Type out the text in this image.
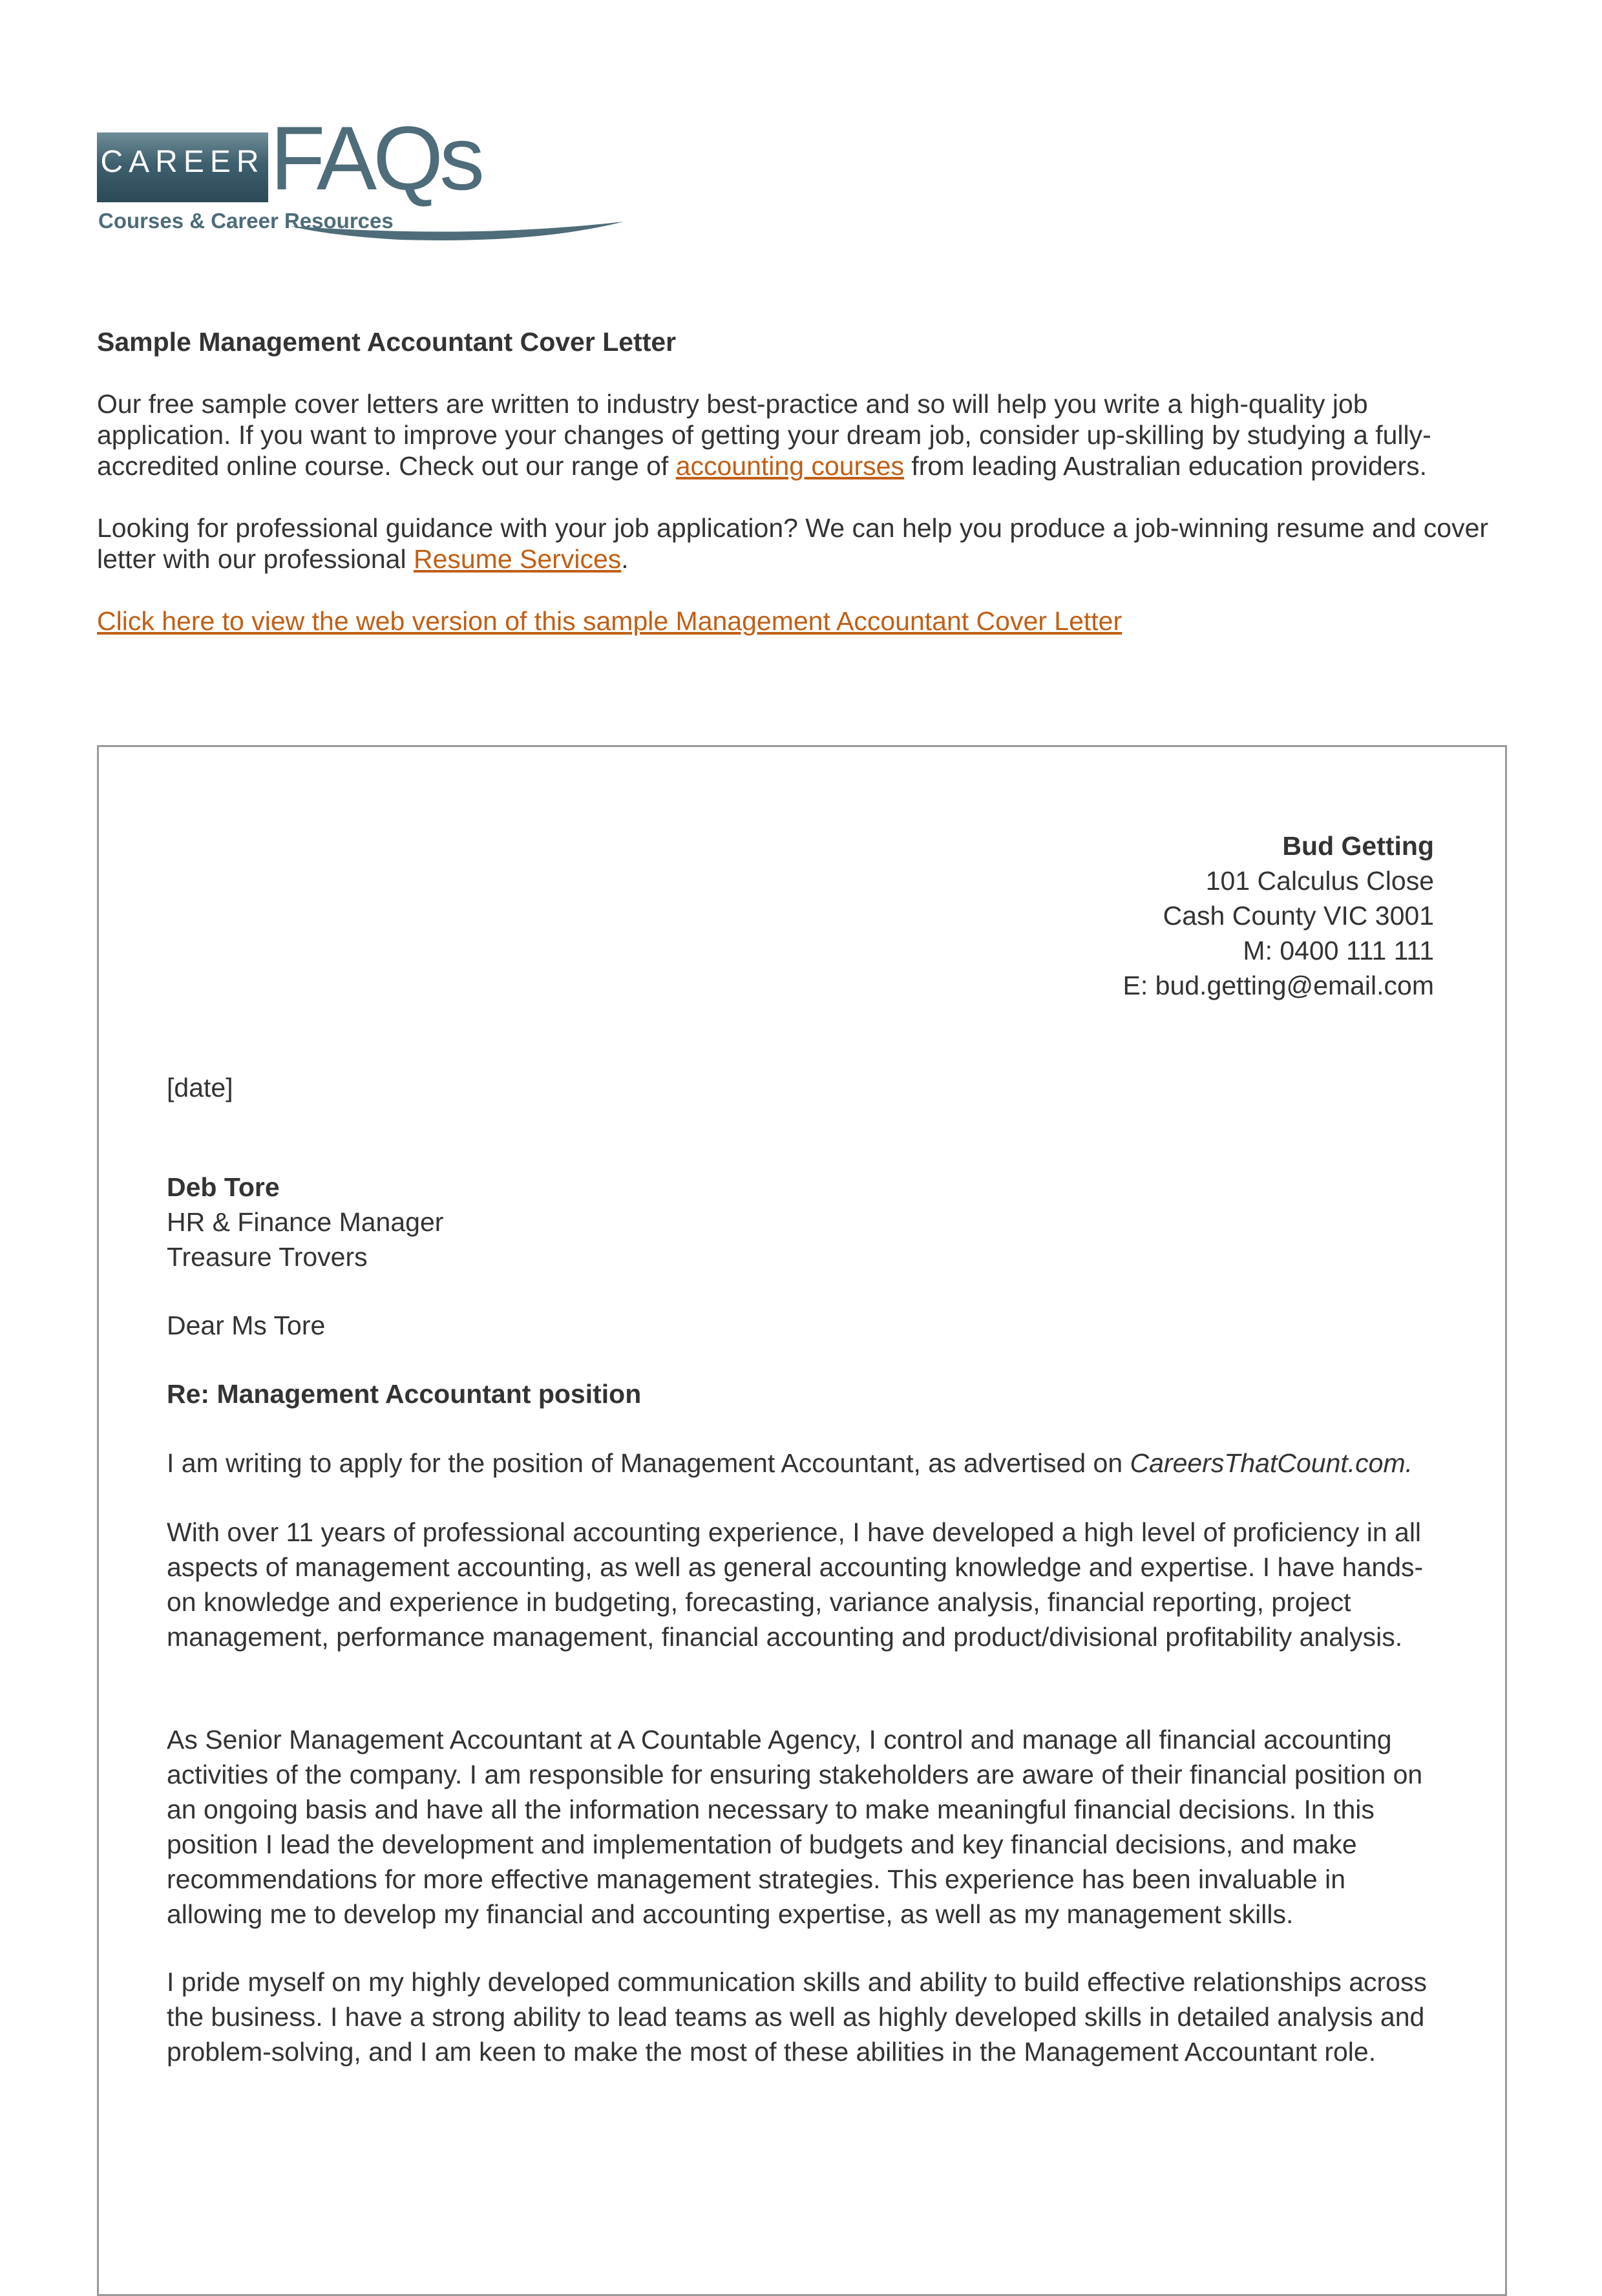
CAREER FAQs
Courses & Career Resources
Sample Management Accountant Cover Letter
Our free sample cover letters are written to industry best-practice and so will help you write a high-quality job application. If you want to improve your changes of getting your dream job, consider up-skilling by studying a fully-accredited online course. Check out our range of accounting courses from leading Australian education providers.
Looking for professional guidance with your job application? We can help you produce a job-winning resume and cover letter with our professional Resume Services.
Click here to view the web version of this sample Management Accountant Cover Letter
Bud Getting
101 Calculus Close
Cash County VIC 3001
M: 0400 111 111
E: bud.getting@email.com
[date]
Deb Tore
HR & Finance Manager
Treasure Trovers
Dear Ms Tore
Re: Management Accountant position
I am writing to apply for the position of Management Accountant, as advertised on CareersThatCount.com.
With over 11 years of professional accounting experience, I have developed a high level of proficiency in all aspects of management accounting, as well as general accounting knowledge and expertise. I have hands-on knowledge and experience in budgeting, forecasting, variance analysis, financial reporting, project management, performance management, financial accounting and product/divisional profitability analysis.
As Senior Management Accountant at A Countable Agency, I control and manage all financial accounting activities of the company. I am responsible for ensuring stakeholders are aware of their financial position on an ongoing basis and have all the information necessary to make meaningful financial decisions. In this position I lead the development and implementation of budgets and key financial decisions, and make recommendations for more effective management strategies. This experience has been invaluable in allowing me to develop my financial and accounting expertise, as well as my management skills.
I pride myself on my highly developed communication skills and ability to build effective relationships across the business. I have a strong ability to lead teams as well as highly developed skills in detailed analysis and problem-solving, and I am keen to make the most of these abilities in the Management Accountant role.
